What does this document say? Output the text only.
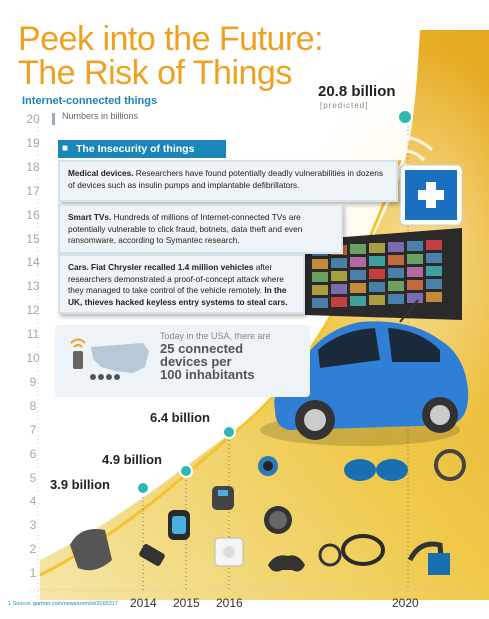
Peek into the Future:
The Risk of Things
Internet-connected things
20
19
18
17
16
15
14
13
12
11
10
9
8
7
6
5
4
3
2
1
Numbers in billions
■ The Insecurity of things
Medical devices. Researchers have found potentially deadly vulnerabilities in dozens of devices such as insulin pumps and implantable defibrillators.
Smart TVs. Hundreds of millions of Internet-connected TVs are potentially vulnerable to click fraud, botnets, data theft and even ransomware, according to Symantec research.
Cars. Fiat Chrysler recalled 1.4 million vehicles after researchers demonstrated a proof-of-concept attack where they managed to take control of the vehicle remotely. In the UK, thieves hacked keyless entry systems to steal cars.
Today in the USA, there are
25 connected
devices per
100 inhabitants
3.9 billion
4.9 billion
6.4 billion
20.8 billion
[predicted]
2014 2015 2016	2020
1 Source: gartner.com/newsroom/id/3165317
